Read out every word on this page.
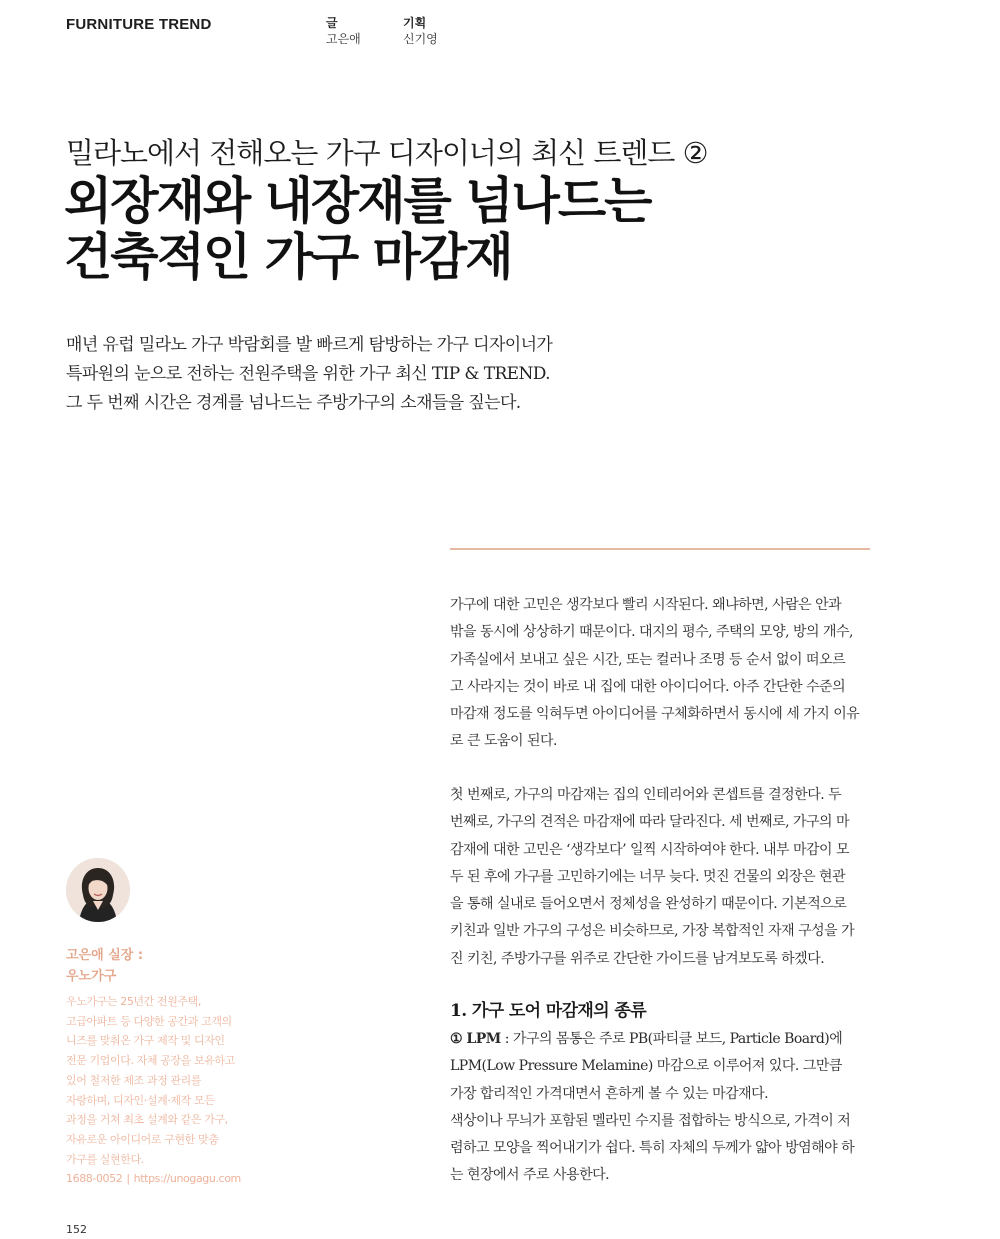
FURNITURE TREND	글
고은애
기획
신기영
밀라노에서 전해오는 가구 디자이너의 최신 트렌드 ②
외장재와 내장재를 넘나드는
건축적인 가구 마감재
매년 유럽 밀라노 가구 박람회를 발 빠르게 탐방하는 가구 디자이너가
특파원의 눈으로 전하는 전원주택을 위한 가구 최신 TIP & TREND.
그 두 번째 시간은 경계를 넘나드는 주방가구의 소재들을 짚는다.
가구에 대한 고민은 생각보다 빨리 시작된다. 왜냐하면, 사람은 안과
밖을 동시에 상상하기 때문이다. 대지의 평수, 주택의 모양, 방의 개수,
가족실에서 보내고 싶은 시간, 또는 컬러나 조명 등 순서 없이 떠오르
고 사라지는 것이 바로 내 집에 대한 아이디어다. 아주 간단한 수준의
마감재 정도를 익혀두면 아이디어를 구체화하면서 동시에 세 가지 이유
로 큰 도움이 된다.
첫 번째로, 가구의 마감재는 집의 인테리어와 콘셉트를 결정한다. 두
번째로, 가구의 견적은 마감재에 따라 달라진다. 세 번째로, 가구의 마
감재에 대한 고민은 ‘생각보다’ 일찍 시작하여야 한다. 내부 마감이 모
두 된 후에 가구를 고민하기에는 너무 늦다. 멋진 건물의 외장은 현관
을 통해 실내로 들어오면서 정체성을 완성하기 때문이다. 기본적으로
키친과 일반 가구의 구성은 비슷하므로, 가장 복합적인 자재 구성을 가
진 키친, 주방가구를 위주로 간단한 가이드를 남겨보도록 하겠다.
1. 가구 도어 마감재의 종류
① LPM : 가구의 몸통은 주로 PB(파티클 보드, Particle Board)에
LPM(Low Pressure Melamine) 마감으로 이루어져 있다. 그만큼
가장 합리적인 가격대면서 흔하게 볼 수 있는 마감재다.
색상이나 무늬가 포함된 멜라민 수지를 접합하는 방식으로, 가격이 저
렴하고 모양을 찍어내기가 쉽다. 특히 자체의 두께가 얇아 방염해야 하
는 현장에서 주로 사용한다.
고은애 실장 :
우노가구
우노가구는 25년간 전원주택,
고급아파트 등 다양한 공간과 고객의
니즈를 맞춰온 가구 제작 및 디자인
전문 기업이다. 자체 공장을 보유하고
있어 철저한 제조 과정 관리를
자랑하며, 디자인·설계·제작 모든
과정을 거쳐 최초 설계와 같은 가구,
자유로운 아이디어로 구현한 맞춤
가구를 실현한다.
1688-0052 | https://unogagu.com
152
